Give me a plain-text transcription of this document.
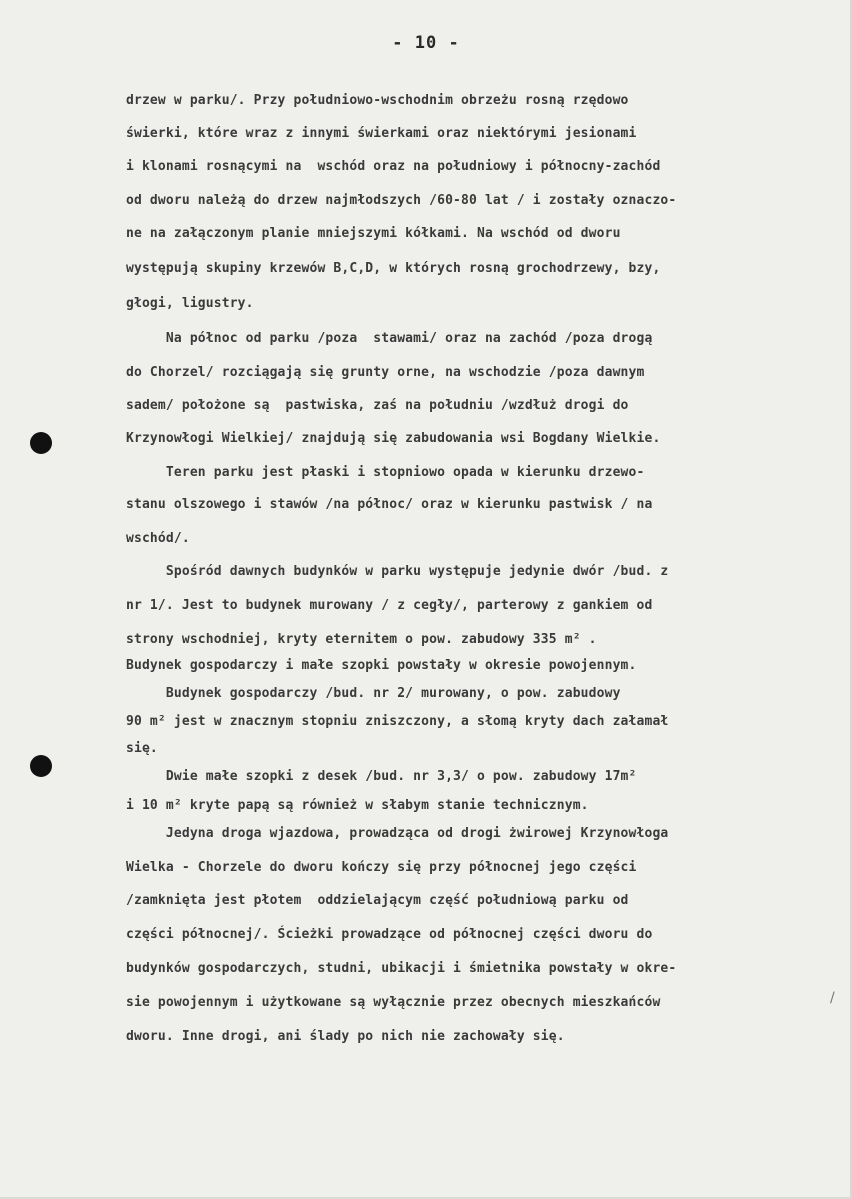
- 10 -
/
drzew w parku/. Przy południowo-wschodnim obrzeżu rosną rzędowo
świerki, które wraz z innymi świerkami oraz niektórymi jesionami
i klonami rosnącymi na  wschód oraz na południowy i północny-zachód
od dworu należą do drzew najmłodszych /60-80 lat / i zostały oznaczo-
ne na załączonym planie mniejszymi kółkami. Na wschód od dworu
występują skupiny krzewów B,C,D, w których rosną grochodrzewy, bzy,
głogi, ligustry.
Na północ od parku /poza  stawami/ oraz na zachód /poza drogą
do Chorzel/ rozciągają się grunty orne, na wschodzie /poza dawnym
sadem/ położone są  pastwiska, zaś na południu /wzdłuż drogi do
Krzynowłogi Wielkiej/ znajdują się zabudowania wsi Bogdany Wielkie.
Teren parku jest płaski i stopniowo opada w kierunku drzewo-
stanu olszowego i stawów /na północ/ oraz w kierunku pastwisk / na
wschód/.
Spośród dawnych budynków w parku występuje jedynie dwór /bud. z
nr 1/. Jest to budynek murowany / z cegły/, parterowy z gankiem od
strony wschodniej, kryty eternitem o pow. zabudowy 335 m² .
Budynek gospodarczy i małe szopki powstały w okresie powojennym.
Budynek gospodarczy /bud. nr 2/ murowany, o pow. zabudowy
90 m² jest w znacznym stopniu zniszczony, a słomą kryty dach załamał
się.
Dwie małe szopki z desek /bud. nr 3,3/ o pow. zabudowy 17m²
i 10 m² kryte papą są również w słabym stanie technicznym.
Jedyna droga wjazdowa, prowadząca od drogi żwirowej Krzynowłoga
Wielka - Chorzele do dworu kończy się przy północnej jego części
/zamknięta jest płotem  oddzielającym część południową parku od
części północnej/. Ścieżki prowadzące od północnej części dworu do
budynków gospodarczych, studni, ubikacji i śmietnika powstały w okre-
sie powojennym i użytkowane są wyłącznie przez obecnych mieszkańców
dworu. Inne drogi, ani ślady po nich nie zachowały się.
